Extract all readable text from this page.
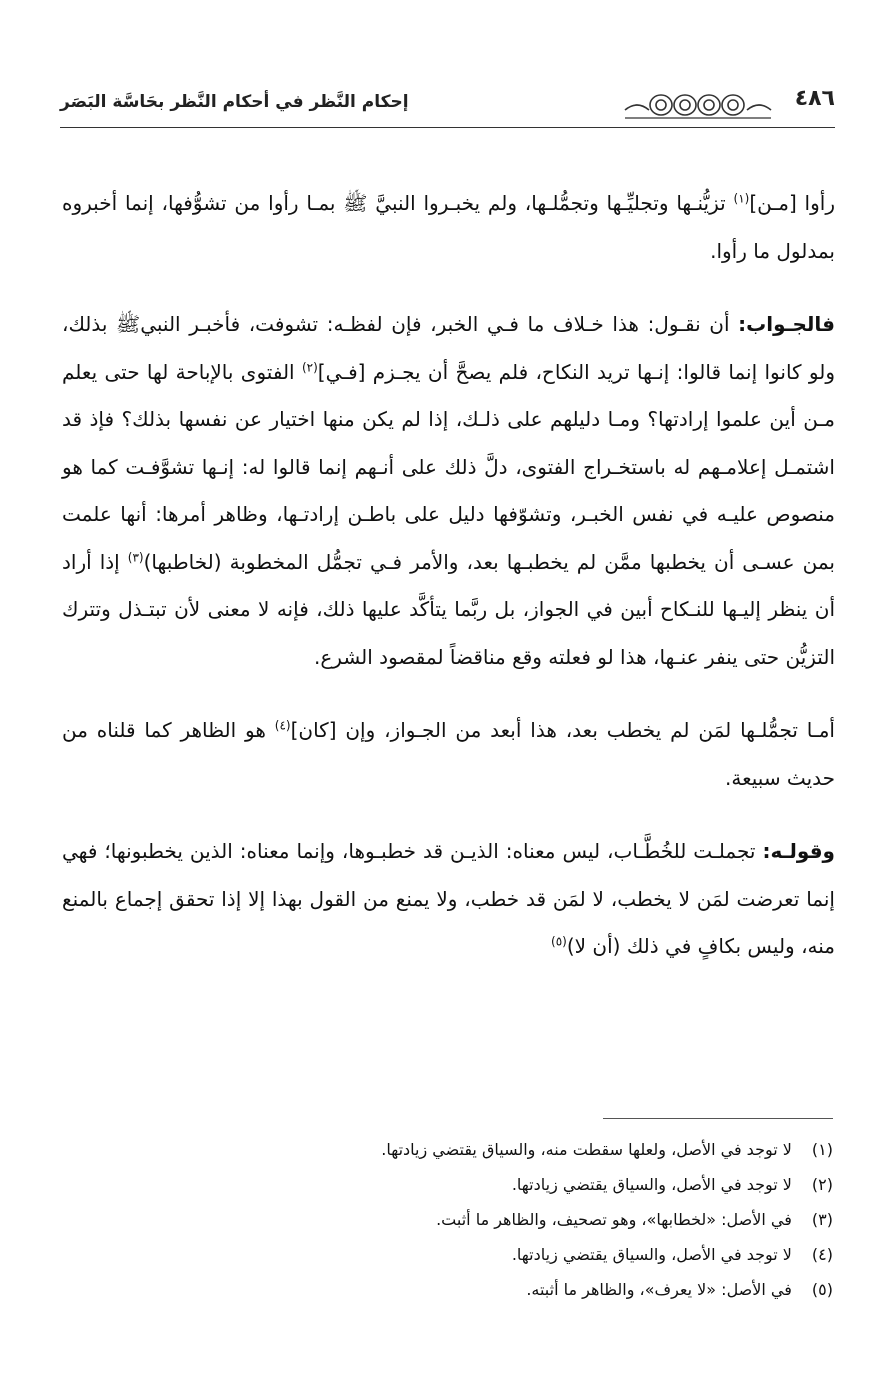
٤٨٦
إحكام النَّظر في أحكام النَّظر بحَاسَّة البَصَر

رأوا [مـن]$^{(١)}$ تزيُّنـها وتجليِّـها وتجمُّلـها، ولم يخبـروا النبيَّ ﷺ بمـا رأوا من تشوُّفها، إنما أخبروه بمدلول ما رأوا.

فالجـواب: أن نقـول: هذا خـلاف ما فـي الخبر، فإن لفظـه: تشوفت، فأخبـر النبيﷺ بذلك، ولو كانوا إنما قالوا: إنـها تريد النكاح، فلم يصحَّ أن يجـزم [فـي]$^{(٢)}$ الفتوى بالإباحة لها حتى يعلم مـن أين علموا إرادتها؟ ومـا دليلهم على ذلـك، إذا لم يكن منها اختيار عن نفسها بذلك؟ فإذ قد اشتمـل إعلامـهم له باستخـراج الفتوى، دلَّ ذلك على أنـهم إنما قالوا له: إنـها تشوَّفـت كما هو منصوص عليـه في نفس الخبـر، وتشوّفها دليل على باطـن إرادتـها، وظاهر أمرها: أنها علمت بمن عسـى أن يخطبها ممَّن لم يخطبـها بعد، والأمر فـي تجمُّل المخطوبة (لخاطبها)$^{(٣)}$ إذا أراد أن ينظر إليـها للنـكاح أبين في الجواز، بل ربَّما يتأكَّد عليها ذلك، فإنه لا معنى لأن تبتـذل وتترك التزيُّن حتى ينفر عنـها، هذا لو فعلته وقع مناقضاً لمقصود الشرع.

أمـا تجمُّلـها لمَن لم يخطب بعد، هذا أبعد من الجـواز، وإن [كان]$^{(٤)}$ هو الظاهر كما قلناه من حديث سبيعة.

وقولـه: تجملـت للخُطَّـاب، ليس معناه: الذيـن قد خطبـوها، وإنما معناه: الذين يخطبونها؛ فهي إنما تعرضت لمَن لا يخطب، لا لمَن قد خطب، ولا يمنع من القول بهذا إلا إذا تحقق إجماع بالمنع منه، وليس بكافٍ في ذلك (أن لا)$^{(٥)}$

(١) لا توجد في الأصل، ولعلها سقطت منه، والسياق يقتضي زيادتها.
(٢) لا توجد في الأصل، والسياق يقتضي زيادتها.
(٣) في الأصل: «لخطابها»، وهو تصحيف، والظاهر ما أثبت.
(٤) لا توجد في الأصل، والسياق يقتضي زيادتها.
(٥) في الأصل: «لا يعرف»، والظاهر ما أثبته.
